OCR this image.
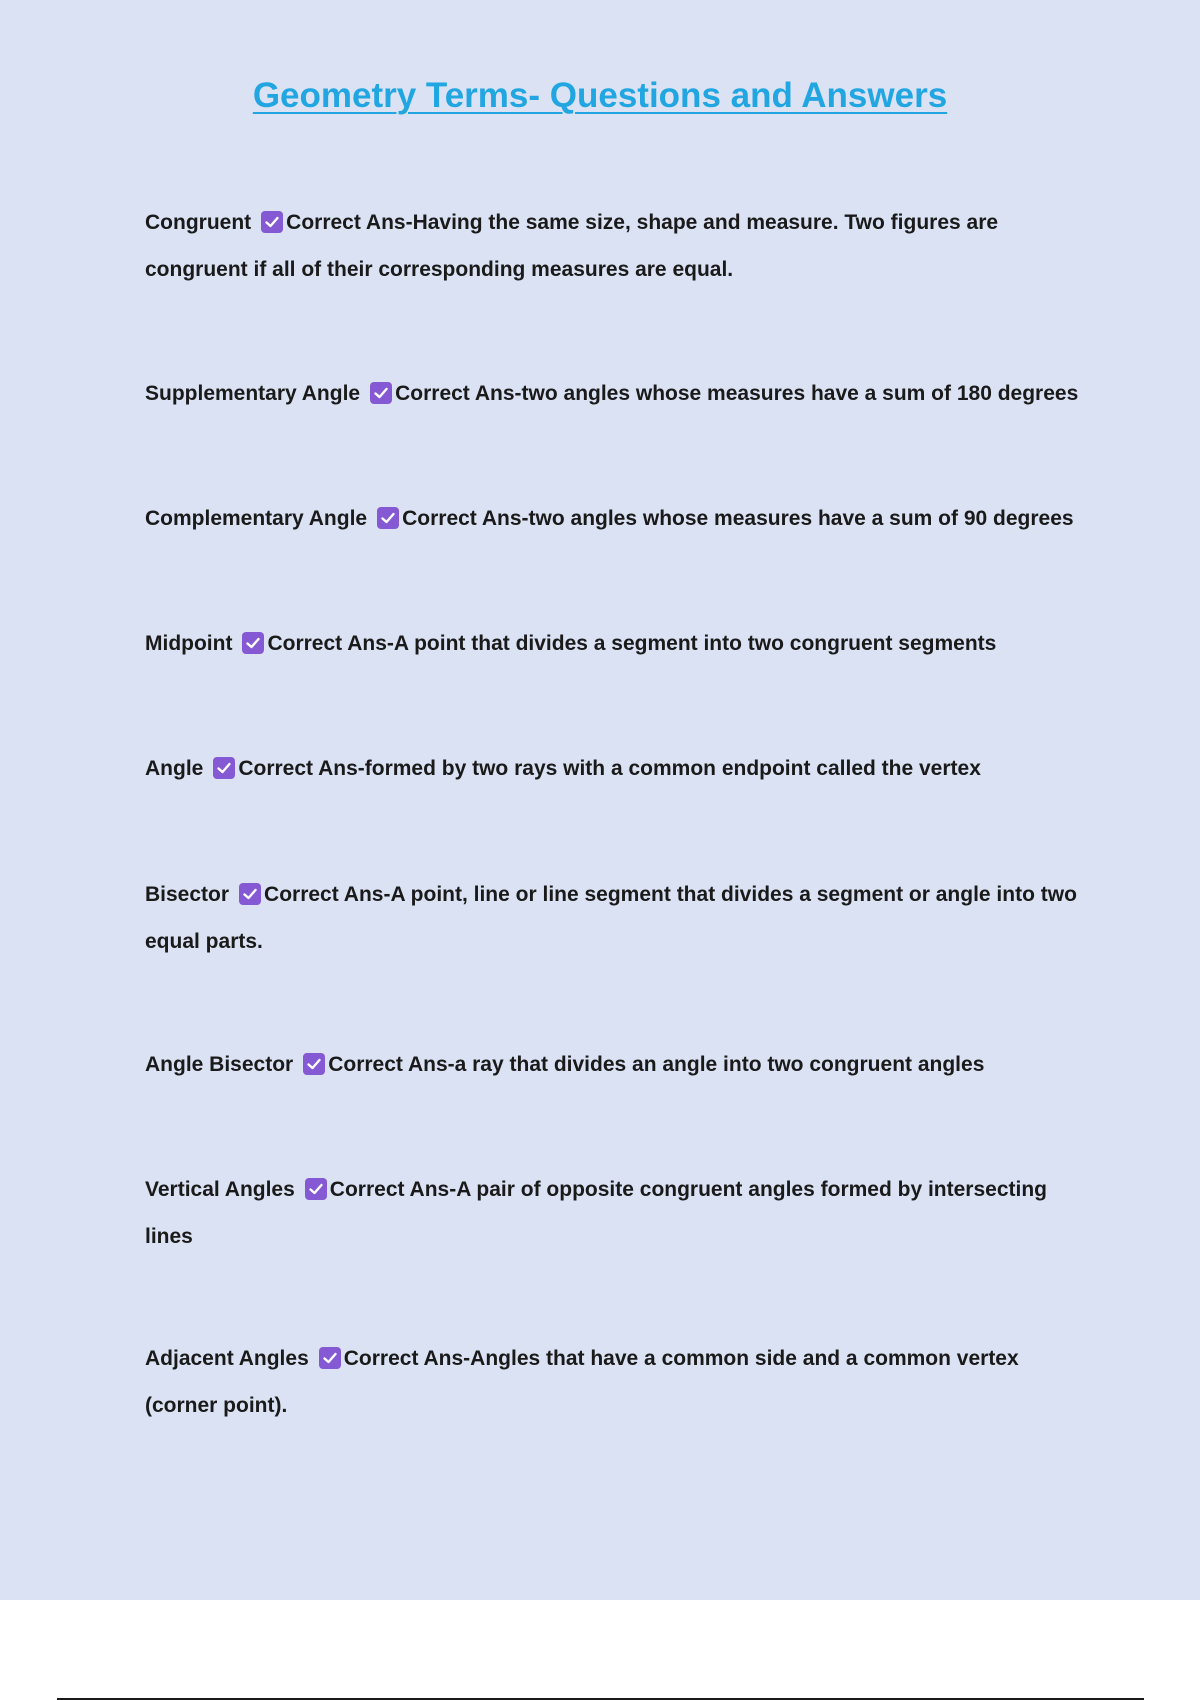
Geometry Terms- Questions and Answers

Congruent Correct Ans-Having the same size, shape and measure. Two figures are congruent if all of their corresponding measures are equal.

Supplementary Angle Correct Ans-two angles whose measures have a sum of 180 degrees

Complementary Angle Correct Ans-two angles whose measures have a sum of 90 degrees

Midpoint Correct Ans-A point that divides a segment into two congruent segments

Angle Correct Ans-formed by two rays with a common endpoint called the vertex

Bisector Correct Ans-A point, line or line segment that divides a segment or angle into two equal parts.

Angle Bisector Correct Ans-a ray that divides an angle into two congruent angles

Vertical Angles Correct Ans-A pair of opposite congruent angles formed by intersecting lines

Adjacent Angles Correct Ans-Angles that have a common side and a common vertex (corner point).
